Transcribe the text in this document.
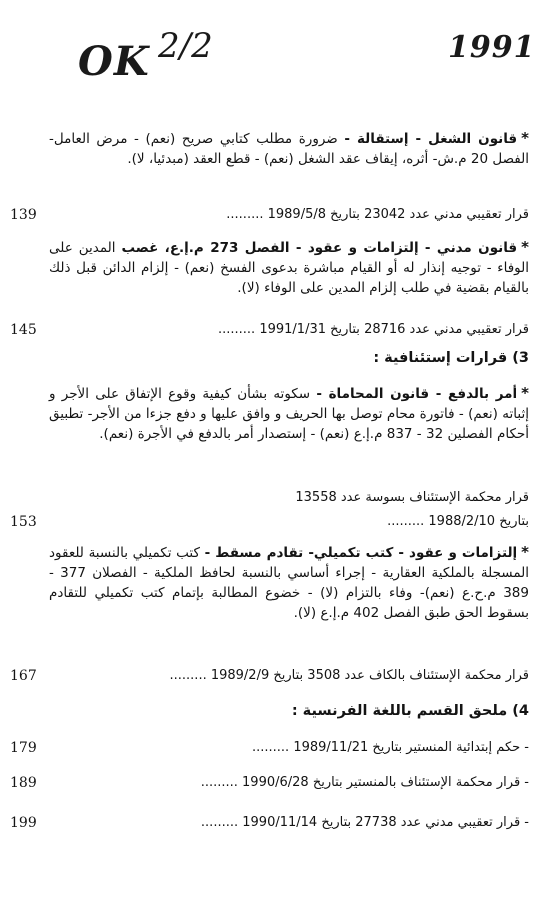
OK 2/2	1991

*قانون الشغل - إستقالة - ضرورة مطلب كتابي صريح (نعم) - مرض العامل- الفصل 20 م.ش- أثره، إيقاف عقد الشغل (نعم) - قطع العقد (مبدئيا، لا).

قرار تعقيبي مدني عدد 23042 بتاريخ 1989/5/8 .........
139

*قانون مدني - إلتزامات و عقود - الفصل 273 م.إ.ع، غصب المدين على الوفاء - توجيه إنذار له أو القيام مباشرة بدعوى الفسخ (نعم) - إلزام الدائن قبل ذلك بالقيام بقضية في طلب إلزام المدين على الوفاء (لا).

قرار تعقيبي مدني عدد 28716 بتاريخ 1991/1/31 .........
145
3) قرارات إستئنافية :

*أمر بالدفع - قانون المحاماة - سكوته بشأن كيفية وقوع الإتفاق على الأجر و إثباته (نعم) - فاتورة محام توصل بها الحريف و وافق عليها و دفع جزءا من الأجر- تطبيق أحكام الفصلين 32 - 837 م.إ.ع (نعم) - إستصدار أمر بالدفع في الأجرة (نعم).

قرار محكمة الإستئناف بسوسة عدد 13558
بتاريخ 1988/2/10 .........
153

*إلتزامات و عقود - كتب تكميلي- تقادم مسقط - كتب تكميلي بالنسبة للعقود المسجلة بالملكية العقارية - إجراء أساسي بالنسبة لحافظ الملكية - الفصلان 377 - 389 م.ح.ع (نعم)- وفاء بالتزام (لا) - خضوع المطالبة بإتمام كتب تكميلي للتقادم بسقوط الحق طبق الفصل 402 م.إ.ع (لا).

قرار محكمة الإستئناف بالكاف عدد 3508 بتاريخ 1989/2/9 .........
167
4) ملحق القسم باللغة الفرنسية :
- حكم إبتدائية المنستير بتاريخ 1989/11/21 .........
179
- قرار محكمة الإستئناف بالمنستير بتاريخ 1990/6/28 .........
189
- قرار تعقيبي مدني عدد 27738 بتاريخ 1990/11/14 .........
199
